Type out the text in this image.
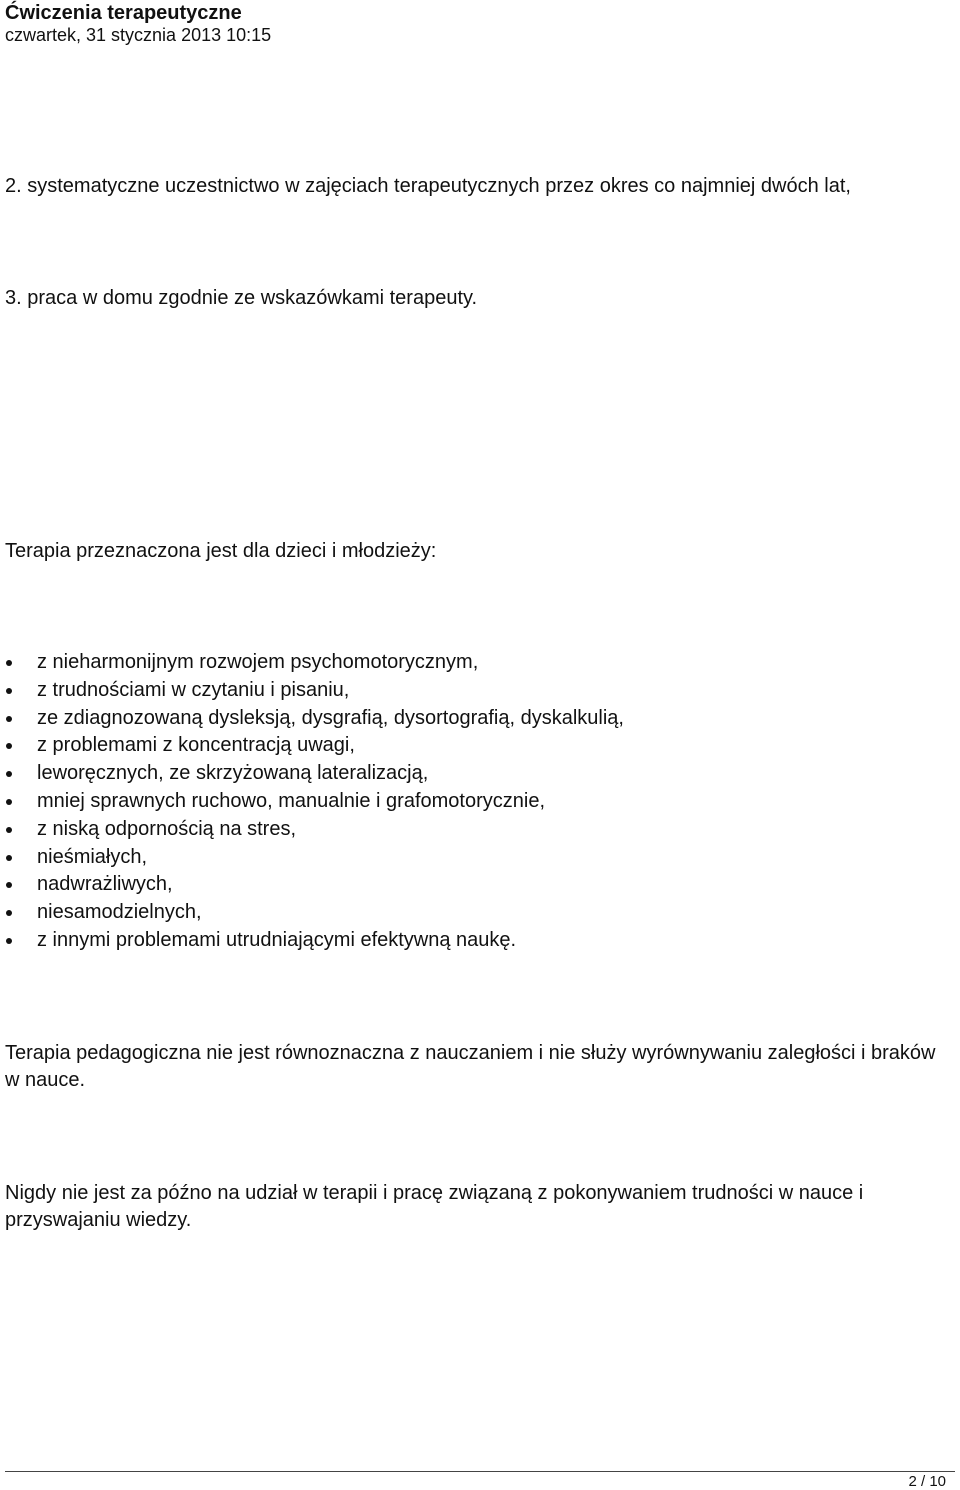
Ćwiczenia terapeutyczne
czwartek, 31 stycznia 2013 10:15

2. systematyczne uczestnictwo w zajęciach terapeutycznych przez okres co najmniej dwóch lat,

3. praca w domu zgodnie ze wskazówkami terapeuty.

Terapia przeznaczona jest dla dzieci i młodzieży:

z nieharmonijnym rozwojem psychomotorycznym,
z trudnościami w czytaniu i pisaniu,
ze zdiagnozowaną dysleksją, dysgrafią, dysortografią, dyskalkulią,
z problemami z koncentracją uwagi,
leworęcznych, ze skrzyżowaną lateralizacją,
mniej sprawnych ruchowo, manualnie i grafomotorycznie,
z niską odpornością na stres,
nieśmiałych,
nadwrażliwych,
niesamodzielnych,
z innymi problemami utrudniającymi efektywną naukę.

Terapia pedagogiczna nie jest równoznaczna z nauczaniem i nie służy wyrównywaniu zaległości i braków w nauce.

Nigdy nie jest za późno na udział w terapii i pracę związaną z pokonywaniem trudności w nauce i przyswajaniu wiedzy.

2 / 10
